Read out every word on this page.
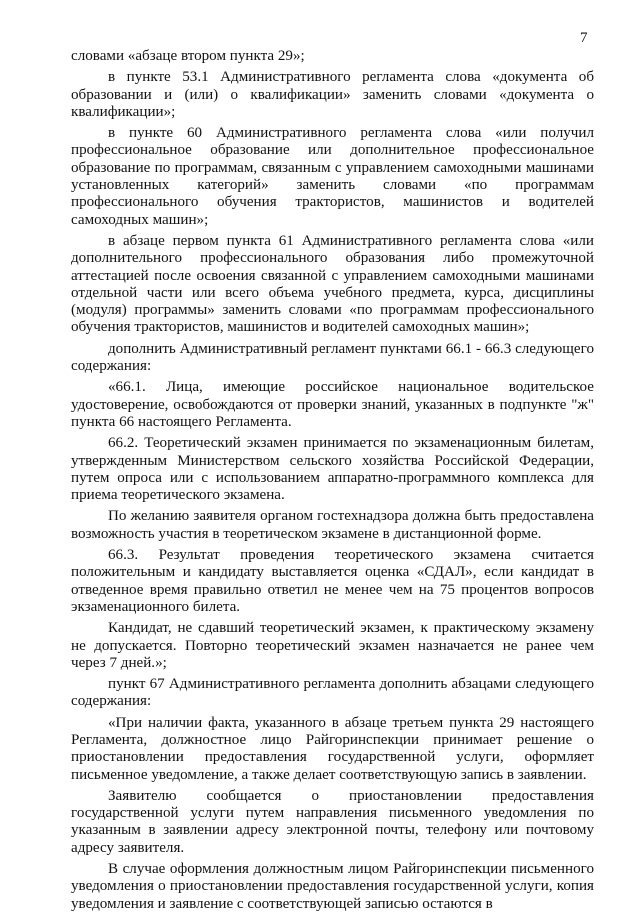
7

словами «абзаце втором пункта 29»;

в пункте 53.1 Административного регламента слова «документа об образовании и (или) о квалификации» заменить словами «документа о квалификации»;

в пункте 60 Административного регламента слова «или получил профессиональное образование или дополнительное профессиональное образование по программам, связанным с управлением самоходными машинами установленных категорий» заменить словами «по программам профессионального обучения трактористов, машинистов и водителей самоходных машин»;

в абзаце первом пункта 61 Административного регламента слова «или дополнительного профессионального образования либо промежуточной аттестацией после освоения связанной с управлением самоходными машинами отдельной части или всего объема учебного предмета, курса, дисциплины (модуля) программы» заменить словами «по программам профессионального обучения трактористов, машинистов и водителей самоходных машин»;

дополнить Административный регламент пунктами 66.1 - 66.3 следующего содержания:

«66.1. Лица, имеющие российское национальное водительское удостоверение, освобождаются от проверки знаний, указанных в подпункте "ж" пункта 66 настоящего Регламента.

66.2. Теоретический экзамен принимается по экзаменационным билетам, утвержденным Министерством сельского хозяйства Российской Федерации, путем опроса или с использованием аппаратно-программного комплекса для приема теоретического экзамена.

По желанию заявителя органом гостехнадзора должна быть предоставлена возможность участия в теоретическом экзамене в дистанционной форме.

66.3. Результат проведения теоретического экзамена считается положительным и кандидату выставляется оценка «СДАЛ», если кандидат в отведенное время правильно ответил не менее чем на 75 процентов вопросов экзаменационного билета.

Кандидат, не сдавший теоретический экзамен, к практическому экзамену не допускается. Повторно теоретический экзамен назначается не ранее чем через 7 дней.»;

пункт 67 Административного регламента дополнить абзацами следующего содержания:

«При наличии факта, указанного в абзаце третьем пункта 29 настоящего Регламента, должностное лицо Райгоринспекции принимает решение о приостановлении предоставления государственной услуги, оформляет письменное уведомление, а также делает соответствующую запись в заявлении.

Заявителю сообщается о приостановлении предоставления государственной услуги путем направления письменного уведомления по указанным в заявлении адресу электронной почты, телефону или почтовому адресу заявителя.

В случае оформления должностным лицом Райгоринспекции письменного уведомления о приостановлении предоставления государственной услуги, копия уведомления и заявление с соответствующей записью остаются в
